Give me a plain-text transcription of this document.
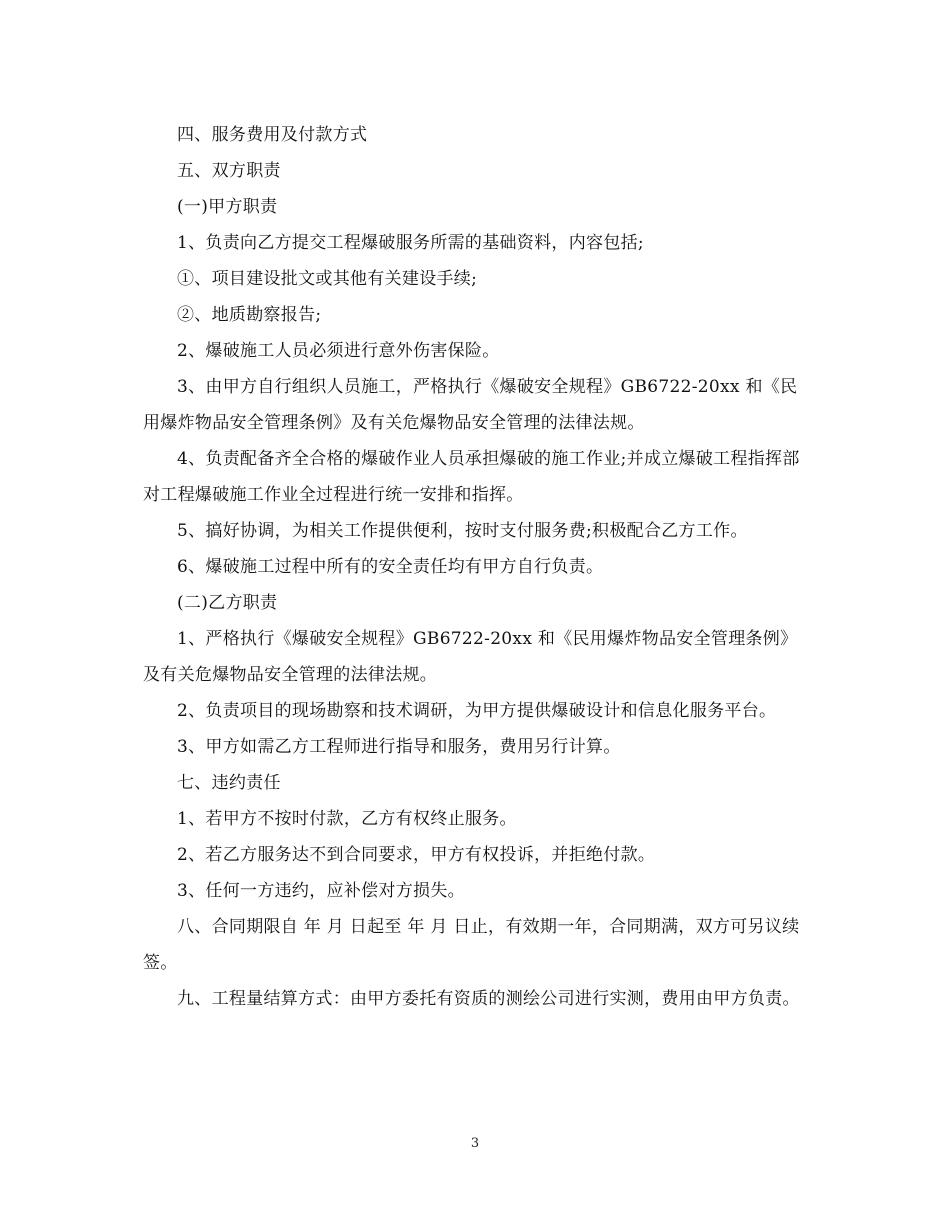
四、服务费用及付款方式

五、双方职责

(一)甲方职责

1、负责向乙方提交工程爆破服务所需的基础资料，内容包括;

①、项目建设批文或其他有关建设手续;

②、地质勘察报告;

2、爆破施工人员必须进行意外伤害保险。

3、由甲方自行组织人员施工，严格执行《爆破安全规程》GB6722-20xx 和《民用爆炸物品安全管理条例》及有关危爆物品安全管理的法律法规。

4、负责配备齐全合格的爆破作业人员承担爆破的施工作业;并成立爆破工程指挥部对工程爆破施工作业全过程进行统一安排和指挥。

5、搞好协调，为相关工作提供便利，按时支付服务费;积极配合乙方工作。

6、爆破施工过程中所有的安全责任均有甲方自行负责。

(二)乙方职责

1、严格执行《爆破安全规程》GB6722-20xx 和《民用爆炸物品安全管理条例》及有关危爆物品安全管理的法律法规。

2、负责项目的现场勘察和技术调研，为甲方提供爆破设计和信息化服务平台。

3、甲方如需乙方工程师进行指导和服务，费用另行计算。

七、违约责任

1、若甲方不按时付款，乙方有权终止服务。

2、若乙方服务达不到合同要求，甲方有权投诉，并拒绝付款。

3、任何一方违约，应补偿对方损失。

八、合同期限自 年 月 日起至 年 月 日止，有效期一年，合同期满，双方可另议续签。

九、工程量结算方式：由甲方委托有资质的测绘公司进行实测，费用由甲方负责。

3
